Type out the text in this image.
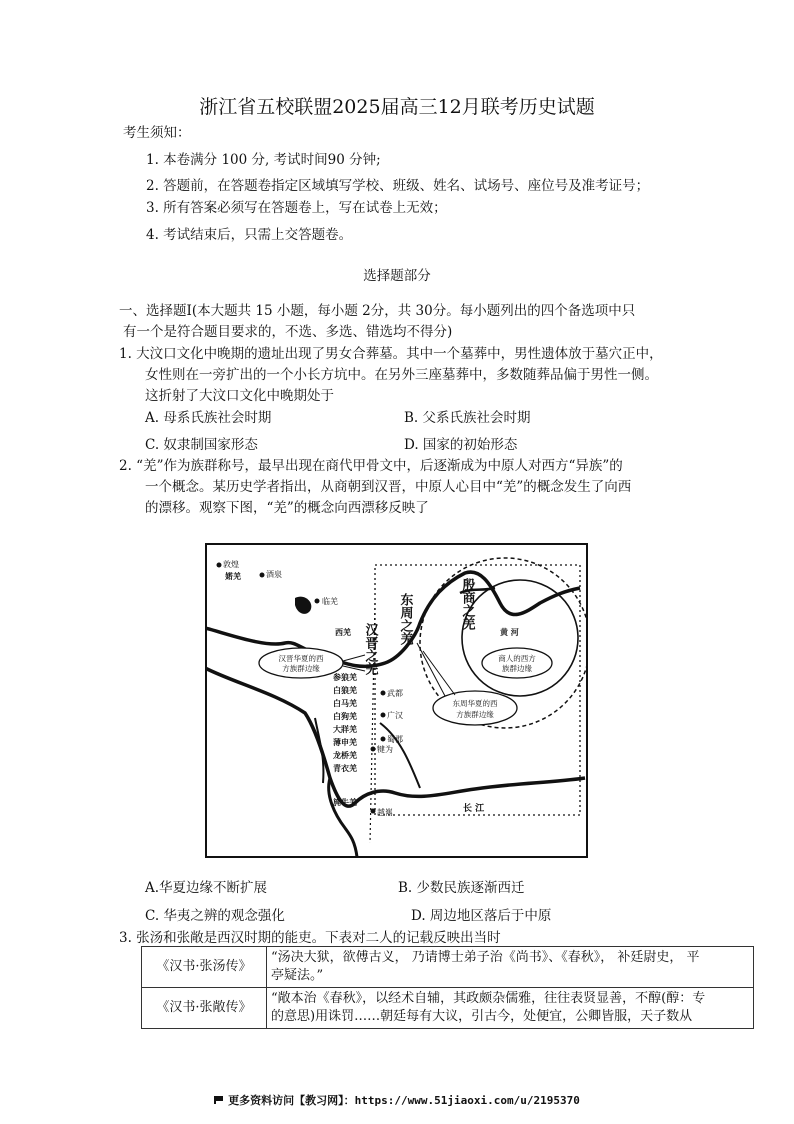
浙江省五校联盟2025届高三12月联考历史试题
考生须知：
1. 本卷满分 100 分, 考试时间90 分钟;
2. 答题前，在答题卷指定区域填写学校、班级、姓名、试场号、座位号及准考证号；
3. 所有答案必须写在答题卷上，写在试卷上无效；
4. 考试结束后，只需上交答题卷。
选择题部分
一、选择题Ⅰ(本大题共 15 小题，每小题 2分，共 30分。每小题列出的四个备选项中只
有一个是符合题目要求的，不选、多选、错选均不得分)
1. 大汶口文化中晚期的遗址出现了男女合葬墓。其中一个墓葬中，男性遗体放于墓穴正中，
女性则在一旁扩出的一个小长方坑中。在另外三座墓葬中，多数随葬品偏于男性一侧。
这折射了大汶口文化中晚期处于
A. 母系氏族社会时期	B. 父系氏族社会时期
C. 奴隶制国家形态	D. 国家的初始形态
2. “羌”作为族群称号，最早出现在商代甲骨文中，后逐渐成为中原人对西方“异族”的
一个概念。某历史学者指出，从商朝到汉晋，中原人心目中“羌”的概念发生了向西
的漂移。观察下图，“羌”的概念向西漂移反映了
敦煌
婼羌	酒泉
临羌
西羌
武都
广汉
蜀郡
犍为
越嶲
黄 河
长 江
参狼羌
白狼羌
白马羌
白狗羌
大牂羌
薄申羌
龙桥羌
青衣羌
旄牛羌
汉晋之羌
东周之羌	殷商之羌
汉晋华夏的西
方族群边缘
东周华夏的西
方族群边缘
商人的西方
族群边缘
A.华夏边缘不断扩展	B. 少数民族逐渐西迁
C. 华夷之辨的观念强化	D. 周边地区落后于中原
3. 张汤和张敞是西汉时期的能吏。下表对二人的记载反映出当时
《汉书·张汤传》	“汤决大狱，欲傅古义， 乃请博士弟子治《尚书》、《春秋》， 补廷尉史， 平
亭疑法。”

《汉书·张敞传》	“敞本治《春秋》，以经术自辅，其政颇杂儒雅，往往表贤显善，不醇(醇：专
的意思)用诛罚……朝廷每有大议，引古今，处便宜，公卿皆服，天子数从
更多资料访问【教习网】：https://www.51jiaoxi.com/u/2195370
